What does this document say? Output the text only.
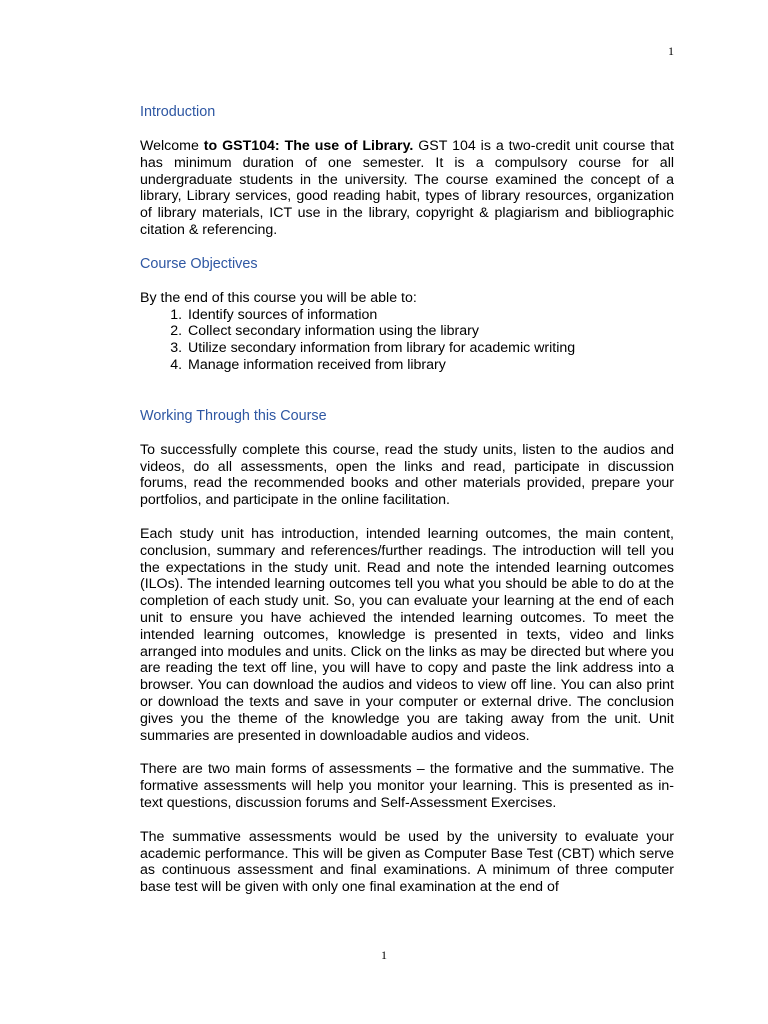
1
Introduction

Welcome to GST104: The use of Library. GST 104 is a two-credit unit course that has minimum duration of one semester. It is a compulsory course for all undergraduate students in the university. The course examined the concept of a library, Library services, good reading habit, types of library resources, organization of library materials, ICT use in the library, copyright & plagiarism and bibliographic citation & referencing.

Course Objectives

By the end of this course you will be able to:

1. Identify sources of information
2. Collect secondary information using the library
3. Utilize secondary information from library for academic writing
4. Manage information received from library
Working Through this Course

To successfully complete this course, read the study units, listen to the audios and videos, do all assessments, open the links and read, participate in discussion forums, read the recommended books and other materials provided, prepare your portfolios, and participate in the online facilitation.

Each study unit has introduction, intended learning outcomes, the main content, conclusion, summary and references/further readings. The introduction will tell you the expectations in the study unit. Read and note the intended learning outcomes (ILOs). The intended learning outcomes tell you what you should be able to do at the completion of each study unit. So, you can evaluate your learning at the end of each unit to ensure you have achieved the intended learning outcomes. To meet the intended learning outcomes, knowledge is presented in texts, video and links arranged into modules and units. Click on the links as may be directed but where you are reading the text off line, you will have to copy and paste the link address into a browser. You can download the audios and videos to view off line. You can also print or download the texts and save in your computer or external drive. The conclusion gives you the theme of the knowledge you are taking away from the unit. Unit summaries are presented in downloadable audios and videos.

There are two main forms of assessments – the formative and the summative. The formative assessments will help you monitor your learning. This is presented as in-text questions, discussion forums and Self-Assessment Exercises.

The summative assessments would be used by the university to evaluate your academic performance. This will be given as Computer Base Test (CBT) which serve as continuous assessment and final examinations. A minimum of three computer base test will be given with only one final examination at the end of

1
